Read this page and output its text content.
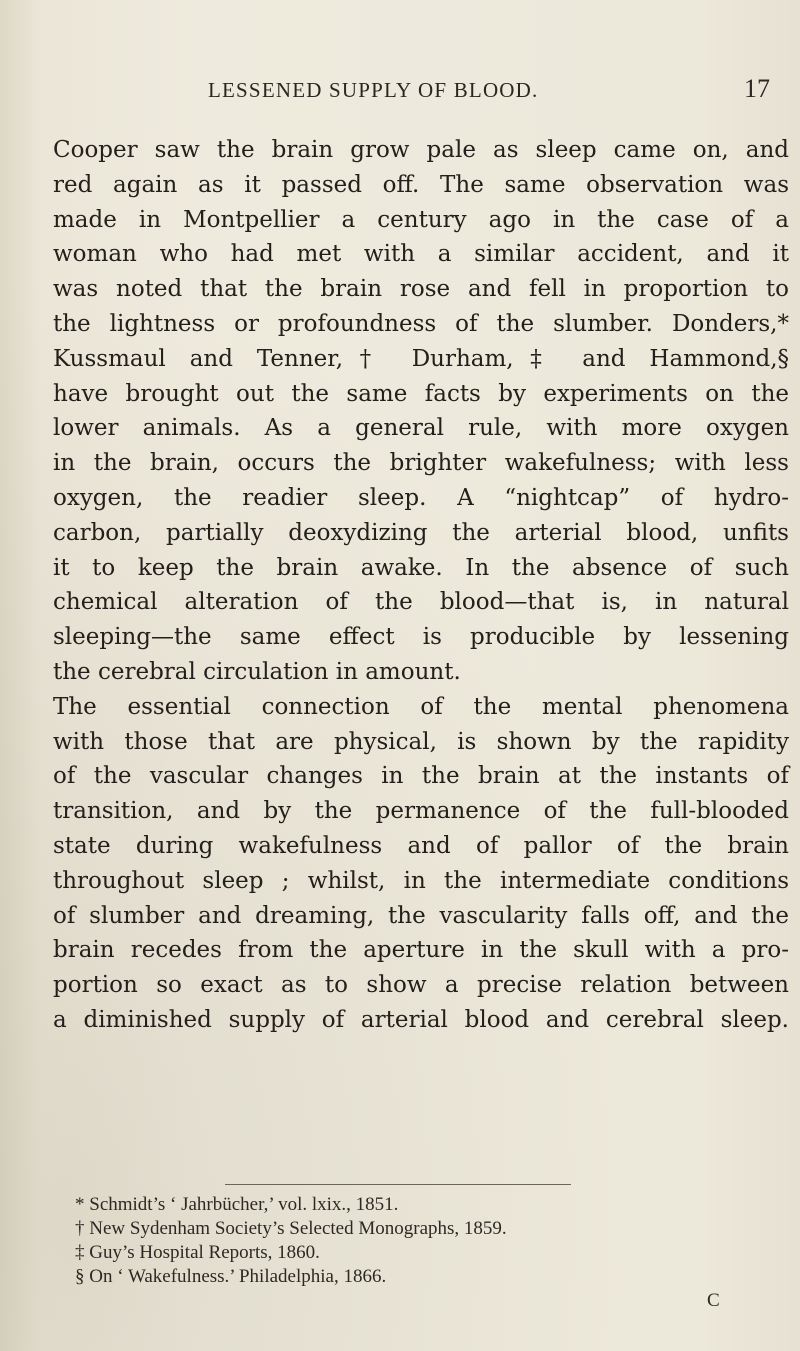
LESSENED SUPPLY OF BLOOD.	17
Cooper saw the brain grow pale as sleep came on, and
red again as it passed off. The same observation was
made in Montpellier a century ago in the case of a
woman who had met with a similar accident, and it
was noted that the brain rose and fell in proportion to
the lightness or profoundness of the slumber. Donders,*
Kussmaul and Tenner,† Durham,‡ and Hammond,§
have brought out the same facts by experiments on the
lower animals. As a general rule, with more oxygen
in the brain, occurs the brighter wakefulness; with less
oxygen, the readier sleep. A “nightcap” of hydro-
carbon, partially deoxydizing the arterial blood, unfits
it to keep the brain awake. In the absence of such
chemical alteration of the blood—that is, in natural
sleeping—the same effect is producible by lessening
the cerebral circulation in amount.
The essential connection of the mental phenomena
with those that are physical, is shown by the rapidity
of the vascular changes in the brain at the instants of
transition, and by the permanence of the full-blooded
state during wakefulness and of pallor of the brain
throughout sleep ; whilst, in the intermediate conditions
of slumber and dreaming, the vascularity falls off, and the
brain recedes from the aperture in the skull with a pro-
portion so exact as to show a precise relation between
a diminished supply of arterial blood and cerebral sleep.
* Schmidt’s ‘ Jahrbücher,’ vol. lxix., 1851.
† New Sydenham Society’s Selected Monographs, 1859.
‡ Guy’s Hospital Reports, 1860.
§ On ‘ Wakefulness.’ Philadelphia, 1866.
C
